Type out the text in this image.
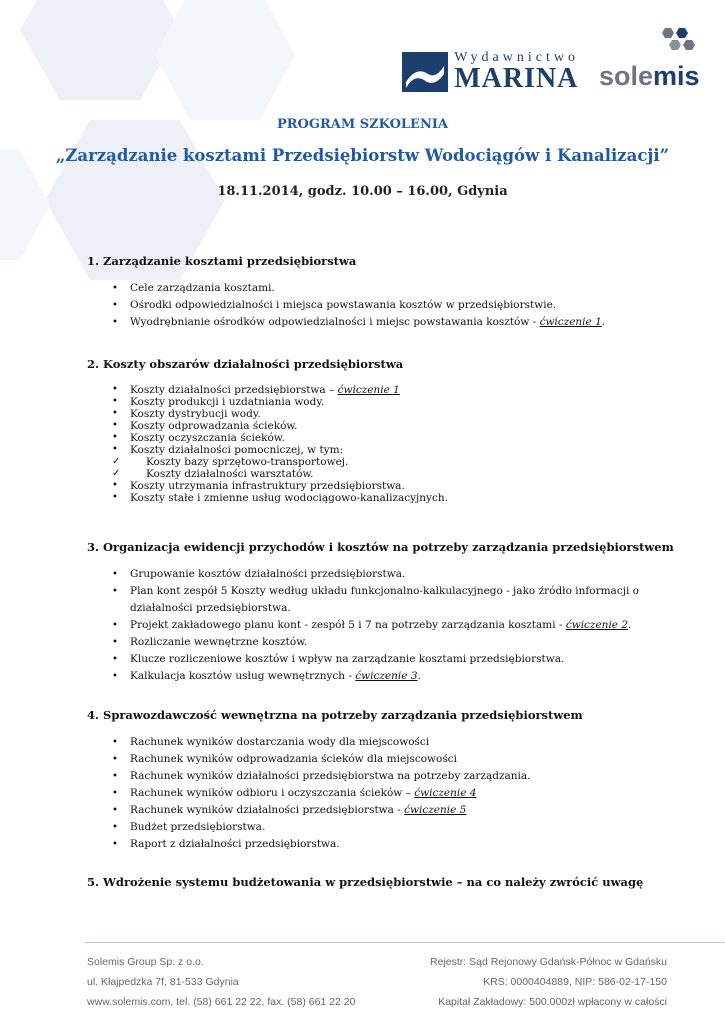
Wydawnictwo
MARINA solemis
PROGRAM SZKOLENIA
„Zarządzanie kosztami Przedsiębiorstw Wodociągów i Kanalizacji”
18.11.2014, godz. 10.00 – 16.00, Gdynia
1. Zarządzanie kosztami przedsiębiorstwa
• Cele zarządzania kosztami.
• Ośrodki odpowiedzialności i miejsca powstawania kosztów w przedsiębiorstwie.
• Wyodrębnianie ośrodków odpowiedzialności i miejsc powstawania kosztów - ćwiczenie 1.
2. Koszty obszarów działalności przedsiębiorstwa
• Koszty działalności przedsiębiorstwa – ćwiczenie 1
• Koszty produkcji i uzdatniania wody.
• Koszty dystrybucji wody.
• Koszty odprowadzania ścieków.
• Koszty oczyszczania ścieków.
• Koszty działalności pomocniczej, w tym:
✓ Koszty bazy sprzętowo-transportowej.
✓ Koszty działalności warsztatów.
• Koszty utrzymania infrastruktury przedsiębiorstwa.
• Koszty stałe i zmienne usług wodociągowo-kanalizacyjnych.
3. Organizacja ewidencji przychodów i kosztów na potrzeby zarządzania przedsiębiorstwem
• Grupowanie kosztów działalności przedsiębiorstwa.
• Plan kont zespół 5 Koszty według układu funkcjonalno-kalkulacyjnego - jako źródło informacji o działalności przedsiębiorstwa.
• Projekt zakładowego planu kont - zespół 5 i 7 na potrzeby zarządzania kosztami - ćwiczenie 2.
• Rozliczanie wewnętrzne kosztów.
• Klucze rozliczeniowe kosztów i wpływ na zarządzanie kosztami przedsiębiorstwa.
• Kalkulacja kosztów usług wewnętrznych - ćwiczenie 3.
4. Sprawozdawczość wewnętrzna na potrzeby zarządzania przedsiębiorstwem
• Rachunek wyników dostarczania wody dla miejscowości
• Rachunek wyników odprowadzania ścieków dla miejscowości
• Rachunek wyników działalności przedsiębiorstwa na potrzeby zarządzania.
• Rachunek wyników odbioru i oczyszczania ścieków – ćwiczenie 4
• Rachunek wyników działalności przedsiębiorstwa - ćwiczenie 5
• Budżet przedsiębiorstwa.
• Raport z działalności przedsiębiorstwa.
5. Wdrożenie systemu budżetowania w przedsiębiorstwie – na co należy zwrócić uwagę
Solemis Group Sp. z o.o.	Rejestr: Sąd Rejonowy Gdańsk-Północ w Gdańsku
ul. Kłajpedzka 7f, 81-533 Gdynia	KRS: 0000404889, NIP: 586-02-17-150
www.solemis.com, tel. (58) 661 22 22, fax. (58) 661 22 20	Kapitał Zakładowy: 500.000zł wpłacony w całości
